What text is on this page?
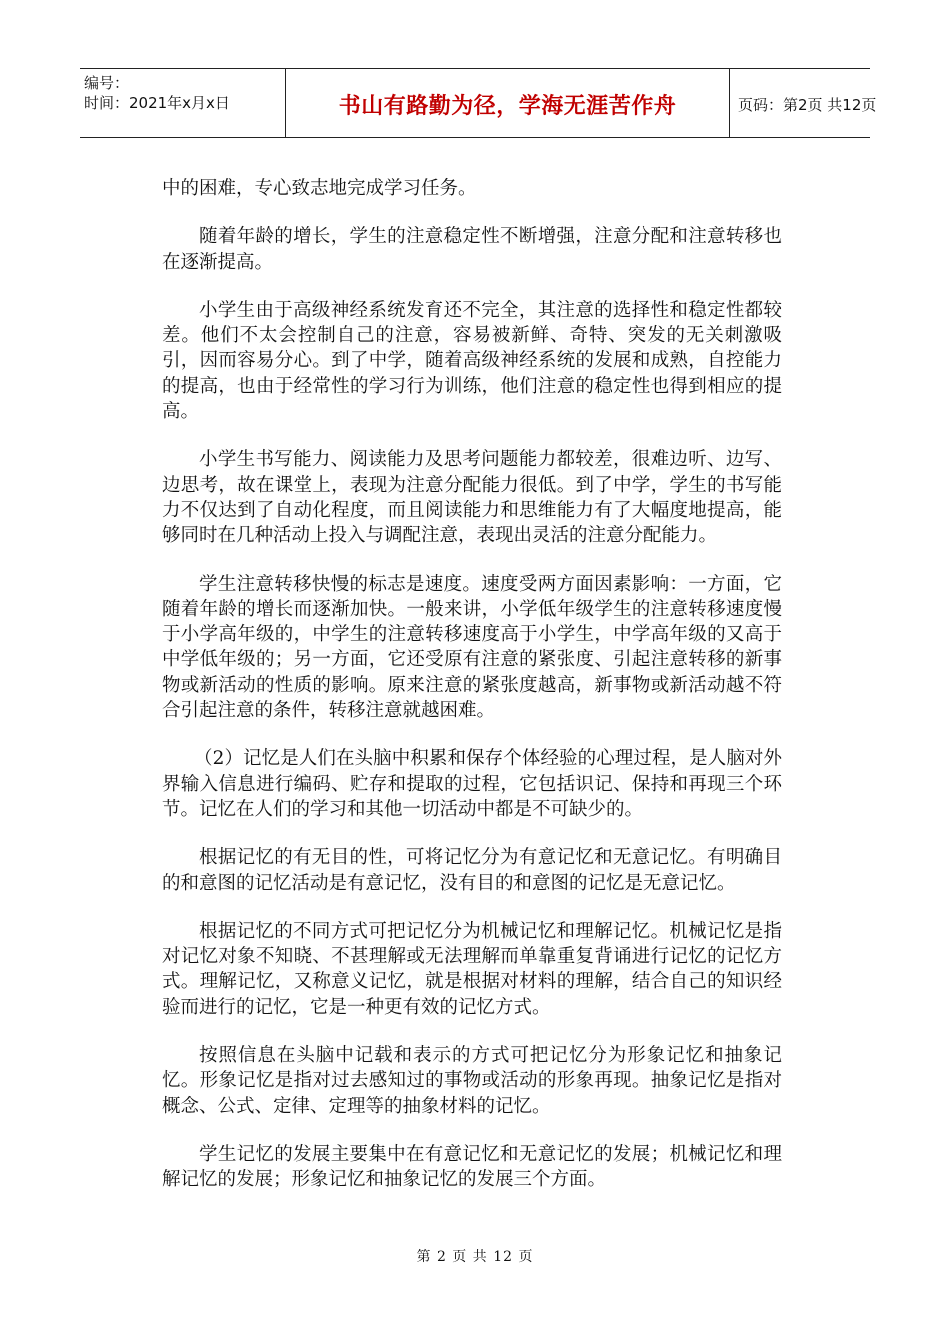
编号：
时间：2021年x月x日	书山有路勤为径，学海无涯苦作舟	页码：第2页 共12页

中的困难，专心致志地完成学习任务。

随着年龄的增长，学生的注意稳定性不断增强，注意分配和注意转移也在逐渐提高。

小学生由于高级神经系统发育还不完全，其注意的选择性和稳定性都较差。他们不太会控制自己的注意，容易被新鲜、奇特、突发的无关刺激吸引，因而容易分心。到了中学，随着高级神经系统的发展和成熟，自控能力的提高，也由于经常性的学习行为训练，他们注意的稳定性也得到相应的提高。

小学生书写能力、阅读能力及思考问题能力都较差，很难边听、边写、边思考，故在课堂上，表现为注意分配能力很低。到了中学，学生的书写能力不仅达到了自动化程度，而且阅读能力和思维能力有了大幅度地提高，能够同时在几种活动上投入与调配注意，表现出灵活的注意分配能力。

学生注意转移快慢的标志是速度。速度受两方面因素影响：一方面，它随着年龄的增长而逐渐加快。一般来讲，小学低年级学生的注意转移速度慢于小学高年级的，中学生的注意转移速度高于小学生，中学高年级的又高于中学低年级的；另一方面，它还受原有注意的紧张度、引起注意转移的新事物或新活动的性质的影响。原来注意的紧张度越高，新事物或新活动越不符合引起注意的条件，转移注意就越困难。

（2）记忆是人们在头脑中积累和保存个体经验的心理过程，是人脑对外界输入信息进行编码、贮存和提取的过程，它包括识记、保持和再现三个环节。记忆在人们的学习和其他一切活动中都是不可缺少的。

根据记忆的有无目的性，可将记忆分为有意记忆和无意记忆。有明确目的和意图的记忆活动是有意记忆，没有目的和意图的记忆是无意记忆。

根据记忆的不同方式可把记忆分为机械记忆和理解记忆。机械记忆是指对记忆对象不知晓、不甚理解或无法理解而单靠重复背诵进行记忆的记忆方式。理解记忆，又称意义记忆，就是根据对材料的理解，结合自己的知识经验而进行的记忆，它是一种更有效的记忆方式。

按照信息在头脑中记载和表示的方式可把记忆分为形象记忆和抽象记忆。形象记忆是指对过去感知过的事物或活动的形象再现。抽象记忆是指对概念、公式、定律、定理等的抽象材料的记忆。

学生记忆的发展主要集中在有意记忆和无意记忆的发展；机械记忆和理解记忆的发展；形象记忆和抽象记忆的发展三个方面。

第 2 页 共 12 页
